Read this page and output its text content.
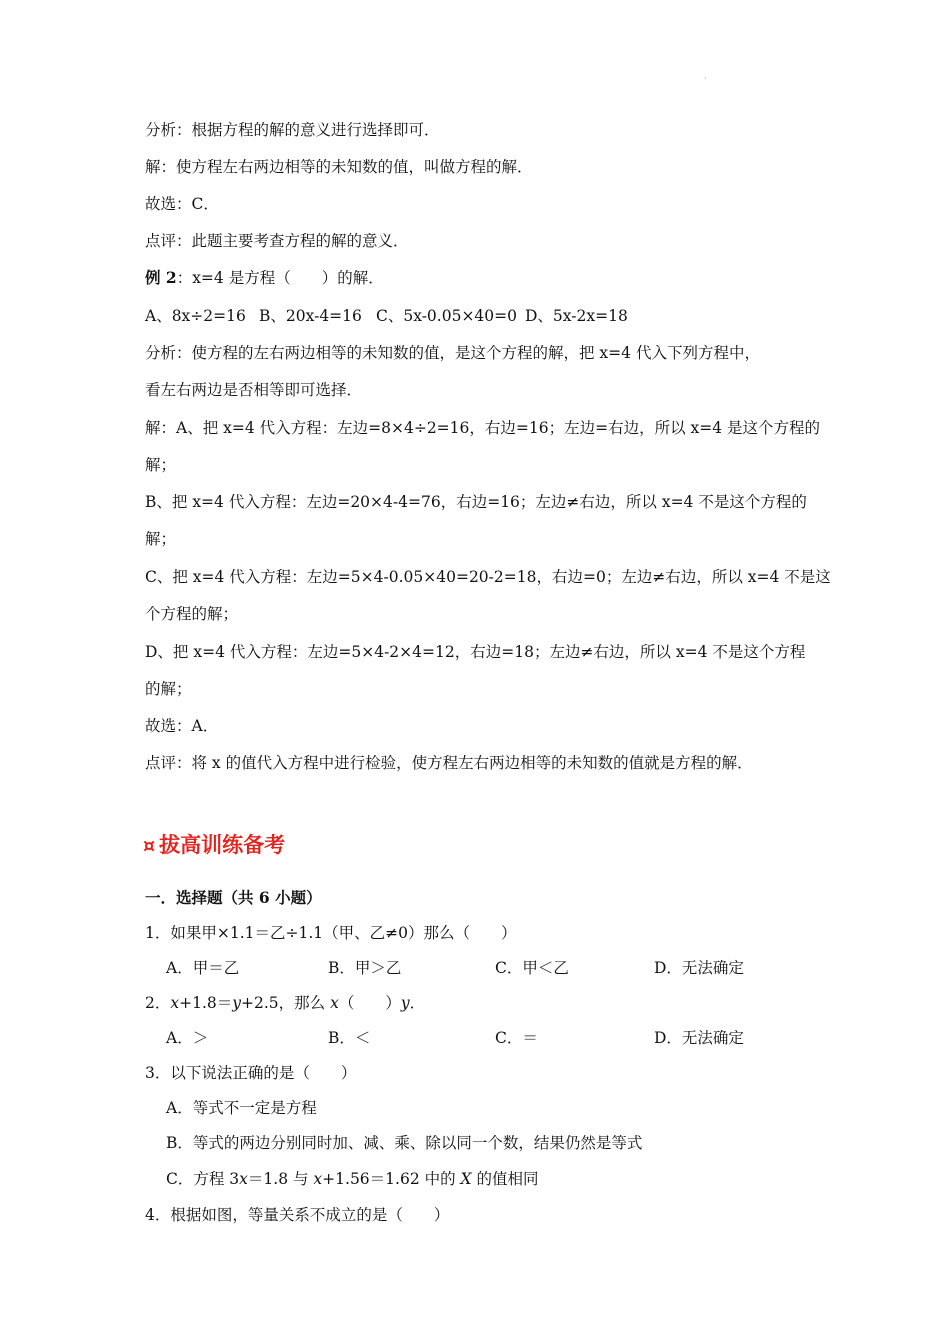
·
分析：根据方程的解的意义进行选择即可．
解：使方程左右两边相等的未知数的值，叫做方程的解．
故选：C．
点评：此题主要考查方程的解的意义．
例 2：x=4 是方程（　　）的解．
A、8x÷2=16 B、20x-4=16 C、5x-0.05×40=0 D、5x-2x=18
分析：使方程的左右两边相等的未知数的值，是这个方程的解，把 x=4 代入下列方程中，
看左右两边是否相等即可选择．
解：A、把 x=4 代入方程：左边=8×4÷2=16，右边=16；左边=右边，所以 x=4 是这个方程的
解；
B、把 x=4 代入方程：左边=20×4-4=76，右边=16；左边≠右边，所以 x=4 不是这个方程的
解；
C、把 x=4 代入方程：左边=5×4-0.05×40=20-2=18，右边=0；左边≠右边，所以 x=4 不是这
个方程的解；
D、把 x=4 代入方程：左边=5×4-2×4=12，右边=18；左边≠右边，所以 x=4 不是这个方程
的解；
故选：A．
点评：将 x 的值代入方程中进行检验，使方程左右两边相等的未知数的值就是方程的解．
¤ 拔高训练备考
一．选择题（共 6 小题）
1．如果甲×1.1＝乙÷1.1（甲、乙≠0）那么（　　）
A．甲＝乙	B．甲＞乙	C．甲＜乙	D．无法确定
2．x+1.8＝y+2.5，那么 x（　　）y．
A．＞	B．＜	C．＝	D．无法确定
3．以下说法正确的是（　　）
A．等式不一定是方程
B．等式的两边分别同时加、减、乘、除以同一个数，结果仍然是等式
C．方程 3x＝1.8 与 x+1.56＝1.62 中的 X 的值相同
4．根据如图，等量关系不成立的是（　　）
